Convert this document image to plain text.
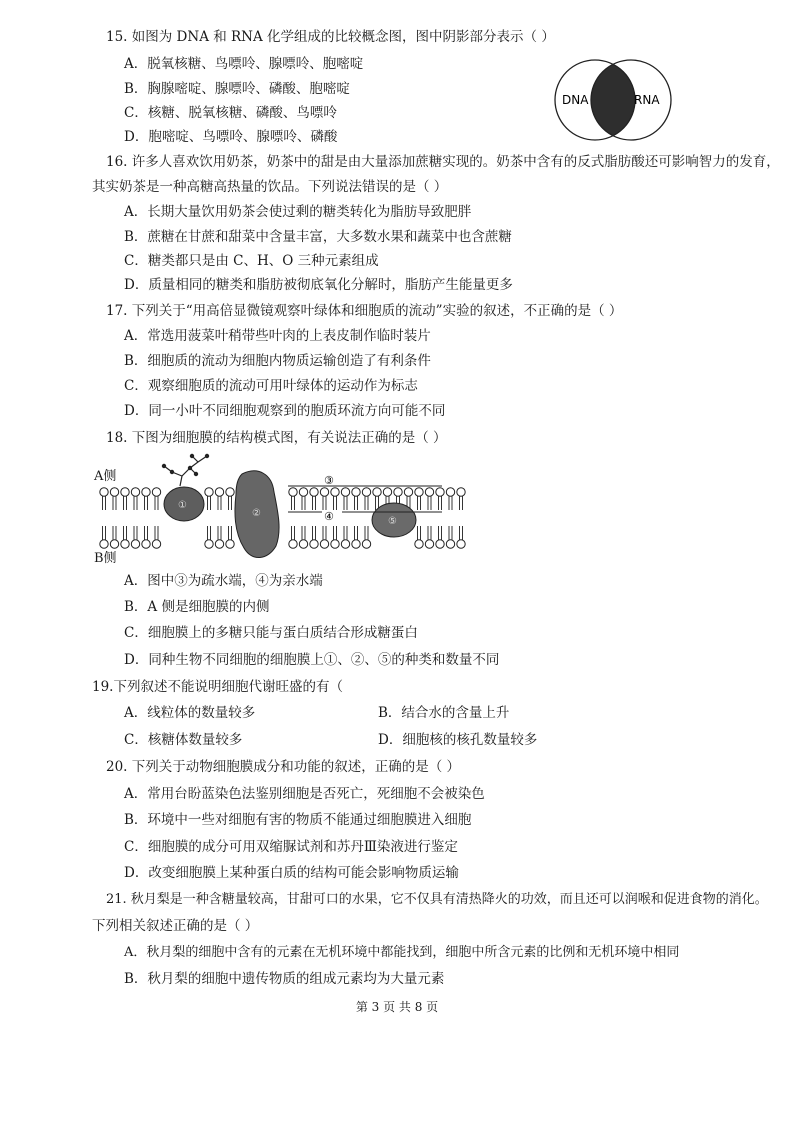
15. 如图为 DNA 和 RNA 化学组成的比较概念图，图中阴影部分表示（ ）
A．脱氧核糖、鸟嘌呤、腺嘌呤、胞嘧啶
B．胸腺嘧啶、腺嘌呤、磷酸、胞嘧啶
C．核糖、脱氧核糖、磷酸、鸟嘌呤
D．胞嘧啶、鸟嘌呤、腺嘌呤、磷酸
DNA	RNA
16. 许多人喜欢饮用奶茶，奶茶中的甜是由大量添加蔗糖实现的。奶茶中含有的反式脂肪酸还可影响智力的发育，
其实奶茶是一种高糖高热量的饮品。下列说法错误的是（ ）
A．长期大量饮用奶茶会使过剩的糖类转化为脂肪导致肥胖
B．蔗糖在甘蔗和甜菜中含量丰富，大多数水果和蔬菜中也含蔗糖
C．糖类都只是由 C、H、O 三种元素组成
D．质量相同的糖类和脂肪被彻底氧化分解时，脂肪产生能量更多
17. 下列关于“用高倍显微镜观察叶绿体和细胞质的流动”实验的叙述，不正确的是（ ）
A．常选用菠菜叶稍带些叶肉的上表皮制作临时装片
B．细胞质的流动为细胞内物质运输创造了有利条件
C．观察细胞质的流动可用叶绿体的运动作为标志
D．同一小叶不同细胞观察到的胞质环流方向可能不同
18. 下图为细胞膜的结构模式图，有关说法正确的是（ ）
①
②
⑤
③
④
A侧
B侧
A．图中③为疏水端，④为亲水端
B．A 侧是细胞膜的内侧
C．细胞膜上的多糖只能与蛋白质结合形成糖蛋白
D．同种生物不同细胞的细胞膜上①、②、⑤的种类和数量不同
19.下列叙述不能说明细胞代谢旺盛的有（
A．线粒体的数量较多	B．结合水的含量上升
C．核糖体数量较多	D．细胞核的核孔数量较多
20. 下列关于动物细胞膜成分和功能的叙述，正确的是（ ）
A．常用台盼蓝染色法鉴别细胞是否死亡，死细胞不会被染色
B．环境中一些对细胞有害的物质不能通过细胞膜进入细胞
C．细胞膜的成分可用双缩脲试剂和苏丹Ⅲ染液进行鉴定
D．改变细胞膜上某种蛋白质的结构可能会影响物质运输
21. 秋月梨是一种含糖量较高，甘甜可口的水果，它不仅具有清热降火的功效，而且还可以润喉和促进食物的消化。
下列相关叙述正确的是（ ）
A．秋月梨的细胞中含有的元素在无机环境中都能找到，细胞中所含元素的比例和无机环境中相同
B．秋月梨的细胞中遗传物质的组成元素均为大量元素
第 3 页 共 8 页
